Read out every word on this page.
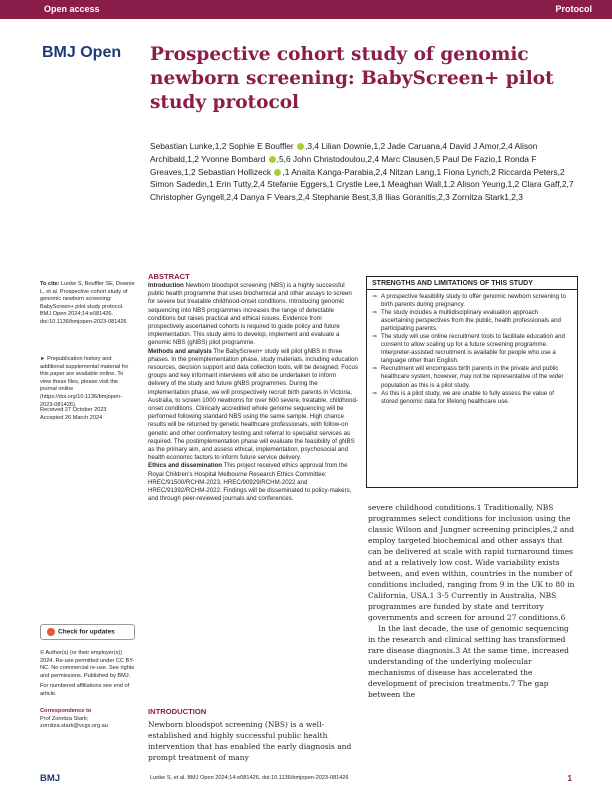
Open access	Protocol
BMJ Open Prospective cohort study of genomic newborn screening: BabyScreen+ pilot study protocol
Sebastian Lunke,1,2 Sophie E Bouffler ,3,4 Lilian Downie,1,2 Jade Caruana,4 David J Amor,2,4 Alison Archibald,1,2 Yvonne Bombard ,5,6 John Christodoulou,2,4 Marc Clausen,5 Paul De Fazio,1 Ronda F Greaves,1,2 Sebastian Hollizeck ,1 Anaita Kanga-Parabia,2,4 Nitzan Lang,1 Fiona Lynch,2 Riccarda Peters,2 Simon Sadedin,1 Erin Tutty,2,4 Stefanie Eggers,1 Crystle Lee,1 Meaghan Wall,1,2 Alison Yeung,1,2 Clara Gaff,2,7 Christopher Gyngell,2,4 Danya F Vears,2,4 Stephanie Best,3,8 Ilias Goranitis,2,3 Zornitza Stark1,2,3
To cite: Lunke S, Bouffler SE, Downie L, et al. Prospective cohort study of genomic newborn screening: BabyScreen+ pilot study protocol. BMJ Open 2024;14:e081426. doi:10.1136/bmjopen-2023-081426
► Prepublication history and additional supplemental material for this paper are available online. To view these files, please visit the journal online (https://doi.org/10.1136/bmjopen-2023-081426).
Received 27 October 2023
Accepted 26 March 2024
Check for updates
© Author(s) (or their employer(s)) 2024. Re-use permitted under CC BY-NC. No commercial re-use. See rights and permissions. Published by BMJ.
For numbered affiliations see end of article.
Correspondence to
Prof Zornitza Stark;
zornitza.stark@vcgs.org.au
ABSTRACT
Introduction Newborn bloodspot screening (NBS) is a highly successful public health programme that uses biochemical and other assays to screen for severe but treatable childhood-onset conditions. Introducing genomic sequencing into NBS programmes increases the range of detectable conditions but raises practical and ethical issues. Evidence from prospectively ascertained cohorts is required to guide policy and future implementation. This study aims to develop, implement and evaluate a genomic NBS (gNBS) pilot programme.
Methods and analysis The BabyScreen+ study will pilot gNBS in three phases. In the preimplementation phase, study materials, including education resources, decision support and data collection tools, will be designed. Focus groups and key informant interviews will also be undertaken to inform delivery of the study and future gNBS programmes. During the implementation phase, we will prospectively recruit birth parents in Victoria, Australia, to screen 1000 newborns for over 600 severe, treatable, childhood-onset conditions. Clinically accredited whole genome sequencing will be performed following standard NBS using the same sample. High chance results will be returned by genetic healthcare professionals, with follow-on genetic and other confirmatory testing and referral to specialist services as required. The postimplementation phase will evaluate the feasibility of gNBS as the primary aim, and assess ethical, implementation, psychosocial and health economic factors to inform future service delivery.
Ethics and dissemination This project received ethics approval from the Royal Children's Hospital Melbourne Research Ethics Committee: HREC/91500/RCHM-2023, HREC/90929/RCHM-2022 and HREC/91392/RCHM-2022. Findings will be disseminated to policy-makers, and through peer-reviewed journals and conferences.
STRENGTHS AND LIMITATIONS OF THIS STUDY
⇒ A prospective feasibility study to offer genomic newborn screening to birth parents during pregnancy.
⇒ The study includes a multidisciplinary evaluation approach ascertaining perspectives from the public, health professionals and participating parents.
⇒ The study will use online recruitment tools to facilitate education and consent to allow scaling up for a future screening programme. Interpreter-assisted recruitment is available for people who use a language other than English.
⇒ Recruitment will encompass birth parents in the private and public healthcare system, however, may not be representative of the wider population as this is a pilot study.
⇒ As this is a pilot study, we are unable to fully assess the value of stored genomic data for lifelong healthcare use.
INTRODUCTION
Newborn bloodspot screening (NBS) is a well-established and highly successful public health intervention that has enabled the early diagnosis and prompt treatment of many

severe childhood conditions.1 Traditionally, NBS programmes select conditions for inclusion using the classic Wilson and Jungner screening principles,2 and employ targeted biochemical and other assays that can be delivered at scale with rapid turnaround times and at a relatively low cost. Wide variability exists between, and even within, countries in the number of conditions included, ranging from 9 in the UK to 80 in California, USA.1 3-5 Currently in Australia, NBS programmes are funded by state and territory governments and screen for around 27 conditions.6

In the last decade, the use of genomic sequencing in the research and clinical setting has transformed rare disease diagnosis.3 At the same time, increased understanding of the underlying molecular mechanisms of disease has accelerated the development of precision treatments.7 The gap between the

BMJ	Lunke S, et al. BMJ Open 2024;14:e081426. doi:10.1136/bmjopen-2023-081426	1
